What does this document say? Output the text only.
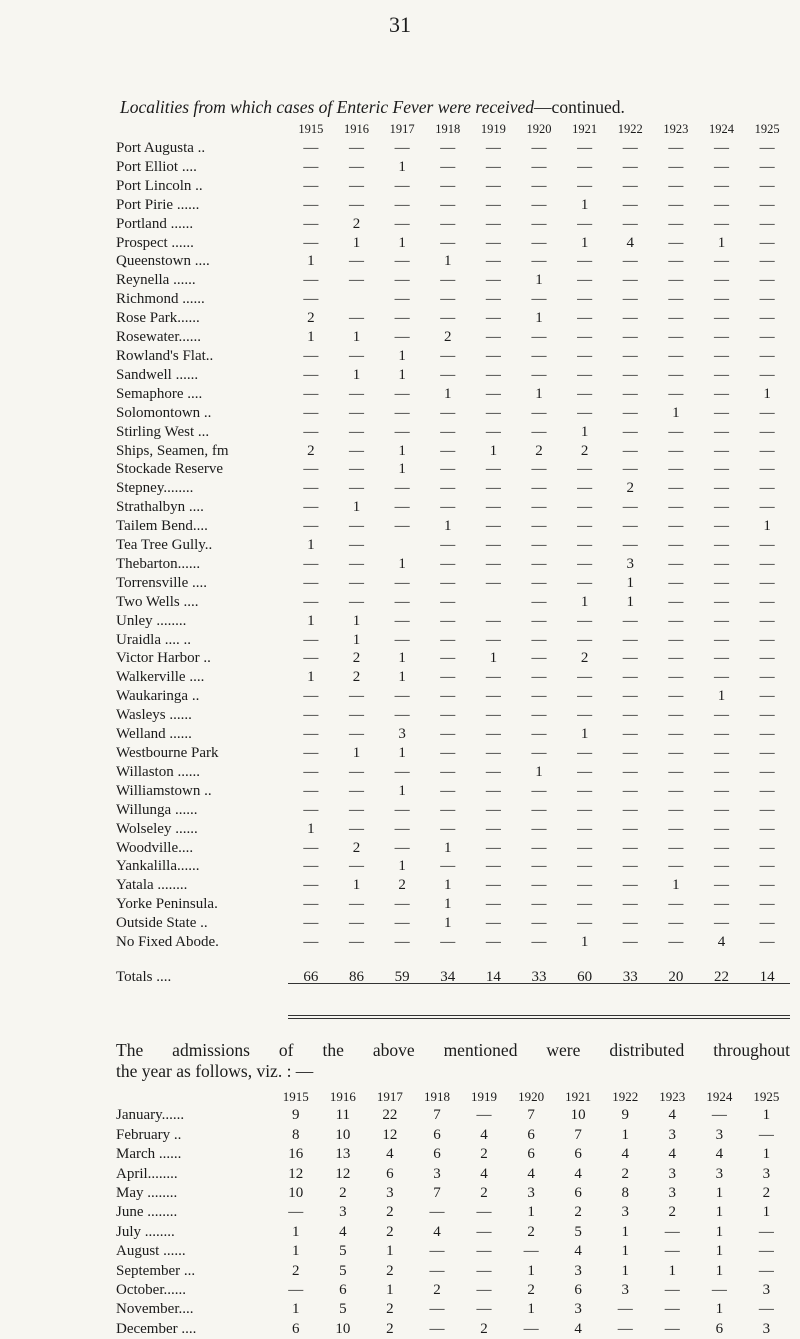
31
Localities from which cases of Enteric Fever were received—continued.
	1915	1916	1917	1918	1919	1920	1921	1922	1923	1924	1925
Port Augusta ..	—	—	—	—	—	—	—	—	—	—	—
Port Elliot ....	—	—	1	—	—	—	—	—	—	—	—
Port Lincoln ..	—	—	—	—	—	—	—	—	—	—	—
Port Pirie ......	—	—	—	—	—	—	1	—	—	—	—
Portland ......	—	2	—	—	—	—	—	—	—	—	—
Prospect ......	—	1	1	—	—	—	1	4	—	1	—
Queenstown ....	1	—	—	1	—	—	—	—	—	—	—
Reynella ......	—	—	—	—	—	1	—	—	—	—	—
Richmond ......	—		—	—	—	—	—	—	—	—	—
Rose Park......	2	—	—	—	—	1	—	—	—	—	—
Rosewater......	1	1	—	2	—	—	—	—	—	—	—
Rowland's Flat..	—	—	1	—	—	—	—	—	—	—	—
Sandwell ......	—	1	1	—	—	—	—	—	—	—	—
Semaphore ....	—	—	—	1	—	1	—	—	—	—	1
Solomontown ..	—	—	—	—	—	—	—	—	1	—	—
Stirling West ...	—	—	—	—	—	—	1	—	—	—	—
Ships, Seamen, fm	2	—	1	—	1	2	2	—	—	—	—
Stockade Reserve	—	—	1	—	—	—	—	—	—	—	—
Stepney........	—	—	—	—	—	—	—	2	—	—	—
Strathalbyn ....	—	1	—	—	—	—	—	—	—	—	—
Tailem Bend....	—	—	—	1	—	—	—	—	—	—	1
Tea Tree Gully..	1	—		—	—	—	—	—	—	—	—
Thebarton......	—	—	1	—	—	—	—	3	—	—	—
Torrensville ....	—	—	—	—	—	—	—	1	—	—	—
Two Wells ....	—	—	—	—		—	1	1	—	—	—
Unley ........	1	1	—	—	—	—	—	—	—	—	—
Uraidla .... ..	—	1	—	—	—	—	—	—	—	—	—
Victor Harbor ..	—	2	1	—	1	—	2	—	—	—	—
Walkerville ....	1	2	1	—	—	—	—	—	—	—	—
Waukaringa ..	—	—	—	—	—	—	—	—	—	1	—
Wasleys ......	—	—	—	—	—	—	—	—	—	—	—
Welland ......	—	—	3	—	—	—	1	—	—	—	—
Westbourne Park	—	1	1	—	—	—	—	—	—	—	—
Willaston ......	—	—	—	—	—	1	—	—	—	—	—
Williamstown ..	—	—	1	—	—	—	—	—	—	—	—
Willunga ......	—	—	—	—	—	—	—	—	—	—	—
Wolseley ......	1	—	—	—	—	—	—	—	—	—	—
Woodville....	—	2	—	1	—	—	—	—	—	—	—
Yankalilla......	—	—	1	—	—	—	—	—	—	—	—
Yatala ........	—	1	2	1	—	—	—	—	1	—	—
Yorke Peninsula.	—	—	—	1	—	—	—	—	—	—	—
Outside State ..	—	—	—	1	—	—	—	—	—	—	—
No Fixed Abode.	—	—	—	—	—	—	1	—	—	4	—
Totals ....	66	86	59	34	14	33	60	33	20	22	14
The admissions of the above mentioned were distributed throughout
the year as follows, viz. : —
	1915	1916	1917	1918	1919	1920	1921	1922	1923	1924	1925
January......	9	11	22	7	—	7	10	9	4	—	1
February ..	8	10	12	6	4	6	7	1	3	3	—
March ......	16	13	4	6	2	6	6	4	4	4	1
April........	12	12	6	3	4	4	4	2	3	3	3
May ........	10	2	3	7	2	3	6	8	3	1	2
June ........	—	3	2	—	—	1	2	3	2	1	1
July ........	1	4	2	4	—	2	5	1	—	1	—
August ......	1	5	1	—	—	—	4	1	—	1	—
September ...	2	5	2	—	—	1	3	1	1	1	—
October......	—	6	1	2	—	2	6	3	—	—	3
November....	1	5	2	—	—	1	3	—	—	1	—
December ....	6	10	2	—	2	—	4	—	—	6	3
